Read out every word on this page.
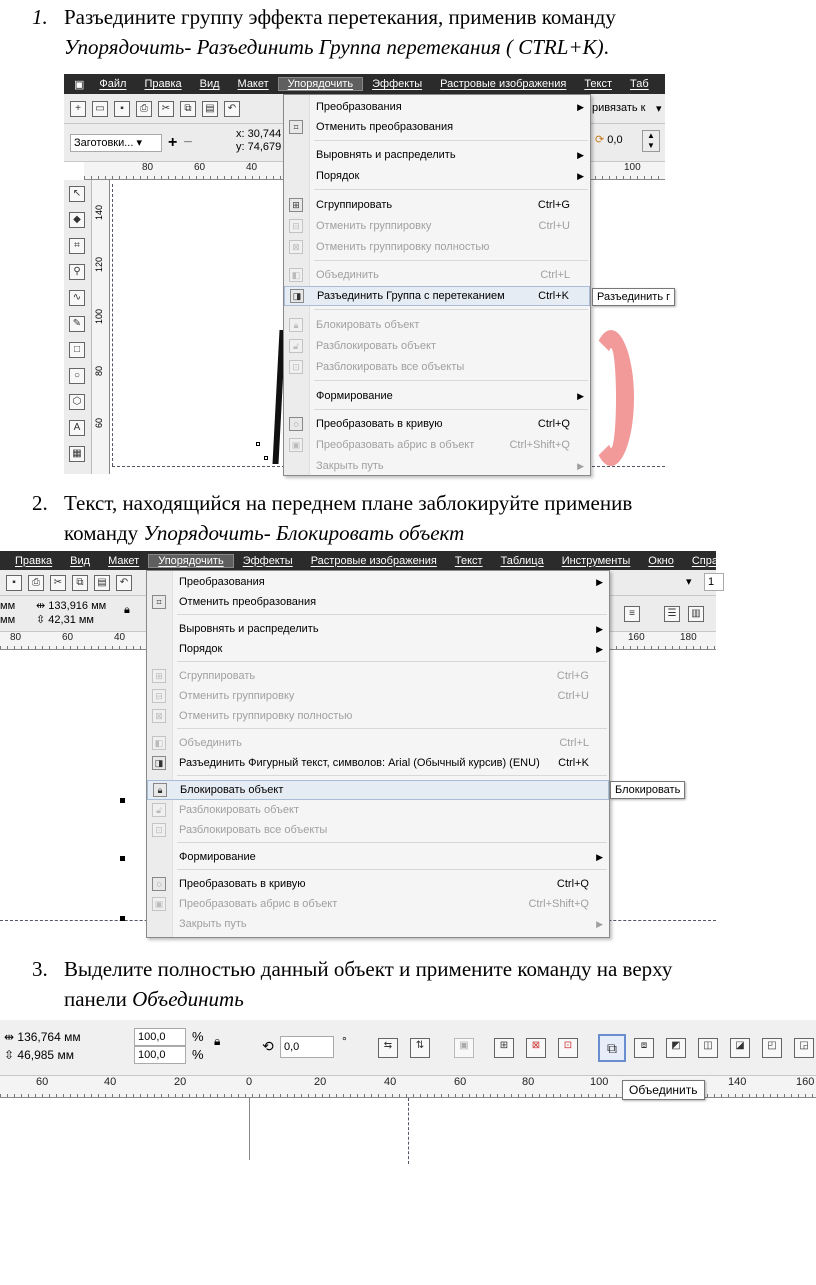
1. Разъедините группу эффекта перетекания, применив команду
Упорядочить- Разъединить Группа перетекания ( CTRL+K).
▣	Файл	Правка	Вид	Макет	Упорядочить	Эффекты	Растровые изображения	Текст	Таб
+	▭	▪	⎙	✂	⧉	▤	↶	ривязать к ▾
Заготовки... ▾	+ −	x: 30,744
y: 74,679
⟳ 0,0	▲
▼
80	60	40	100
↖
◆
⌗
⚲
∿
✎
□
○
⬡
A
▦
140
120
100
80
60
Преобразования	▶
⌗	Отменить преобразования
Выровнять и распределить	▶
Порядок	▶
⊞ Сгруппировать	Ctrl+G
⊟ Отменить группировку	Ctrl+U
⊠ Отменить группировку полностью
◧ Объединить	Ctrl+L
◨ Разъединить Группа с перетеканием	Ctrl+K
🔒︎	Блокировать объект
🔓︎	Разблокировать объект
⊡ Разблокировать все объекты
Формирование	▶
◌	Преобразовать в кривую	Ctrl+Q
▣ Преобразовать абрис в объект	Ctrl+Shift+Q
Закрыть путь	▶
Разъединить г
2. Текст, находящийся на переднем плане заблокируйте применив
команду Упорядочить- Блокировать объект
Правка	Вид	Макет	Упорядочить	Эффекты	Растровые изображения	Текст	Таблица	Инструменты	Окно	Справ
▪	⎙	✂	⧉	▤	↶	▾	1
мм
мм
⇹ 133,916 мм
⇳ 42,31 мм
🔒︎	≡	☰	▥
80	60	40	160	180
Преобразования	▶
⌗	Отменить преобразования
Выровнять и распределить	▶
Порядок	▶
⊞ Сгруппировать	Ctrl+G
⊟ Отменить группировку	Ctrl+U
⊠ Отменить группировку полностью
◧ Объединить	Ctrl+L
◨ Разъединить Фигурный текст, символов: Arial (Обычный курсив) (ENU) Ctrl+K
🔒︎	Блокировать объект
🔓︎	Разблокировать объект
⊡ Разблокировать все объекты
Формирование	▶
◌	Преобразовать в кривую	Ctrl+Q
▣ Преобразовать абрис в объект	Ctrl+Shift+Q
Закрыть путь	▶
Блокировать
3. Выделите полностью данный объект и примените команду на верху
панели Объединить
⇹ 136,764 мм
⇳ 46,985 мм
100,0
100,0
%
%
🔒︎	⟲ 0,0	°	⇆	⇅	▣	⊞	⊠	⊡	⧉	⧈	◩	◫	◪	◰	◲
60	40	20	0	20	40	60	80	100	140	160
Объединить
